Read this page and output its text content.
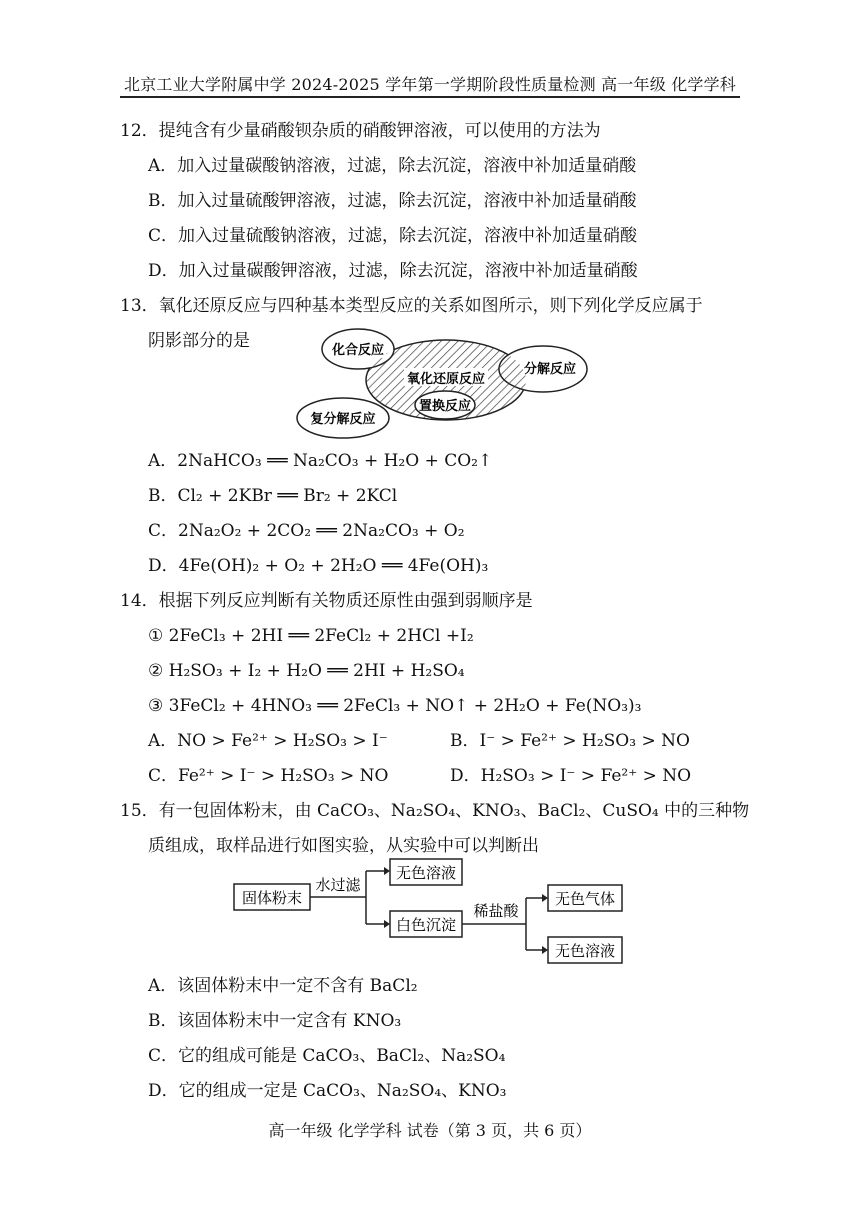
北京工业大学附属中学 2024-2025 学年第一学期阶段性质量检测 高一年级 化学学科
12．提纯含有少量硝酸钡杂质的硝酸钾溶液，可以使用的方法为
A．加入过量碳酸钠溶液，过滤，除去沉淀，溶液中补加适量硝酸
B．加入过量硫酸钾溶液，过滤，除去沉淀，溶液中补加适量硝酸
C．加入过量硫酸钠溶液，过滤，除去沉淀，溶液中补加适量硝酸
D．加入过量碳酸钾溶液，过滤，除去沉淀，溶液中补加适量硝酸
13．氧化还原反应与四种基本类型反应的关系如图所示，则下列化学反应属于
阴影部分的是	化合反应
氧化还原反应
分解反应
置换反应
复分解反应
A．2NaHCO₃ ══ Na₂CO₃ + H₂O + CO₂↑
B．Cl₂ + 2KBr ══ Br₂ + 2KCl
C．2Na₂O₂ + 2CO₂ ══ 2Na₂CO₃ + O₂
D．4Fe(OH)₂ + O₂ + 2H₂O ══ 4Fe(OH)₃
14．根据下列反应判断有关物质还原性由强到弱顺序是
① 2FeCl₃ + 2HI ══ 2FeCl₂ + 2HCl +I₂
② H₂SO₃ + I₂ + H₂O ══ 2HI + H₂SO₄
③ 3FeCl₂ + 4HNO₃ ══ 2FeCl₃ + NO↑ + 2H₂O + Fe(NO₃)₃
A．NO > Fe²⁺ > H₂SO₃ > I⁻	B．I⁻ > Fe²⁺ > H₂SO₃ > NO
C．Fe²⁺ > I⁻ > H₂SO₃ > NO	D．H₂SO₃ > I⁻ > Fe²⁺ > NO
15．有一包固体粉末，由 CaCO₃、Na₂SO₄、KNO₃、BaCl₂、CuSO₄ 中的三种物
质组成，取样品进行如图实验，从实验中可以判断出
固体粉末
水过滤
无色溶液
白色沉淀
稀盐酸
无色气体
无色溶液
A．该固体粉末中一定不含有 BaCl₂
B．该固体粉末中一定含有 KNO₃
C．它的组成可能是 CaCO₃、BaCl₂、Na₂SO₄
D．它的组成一定是 CaCO₃、Na₂SO₄、KNO₃
高一年级 化学学科 试卷（第 3 页，共 6 页）
